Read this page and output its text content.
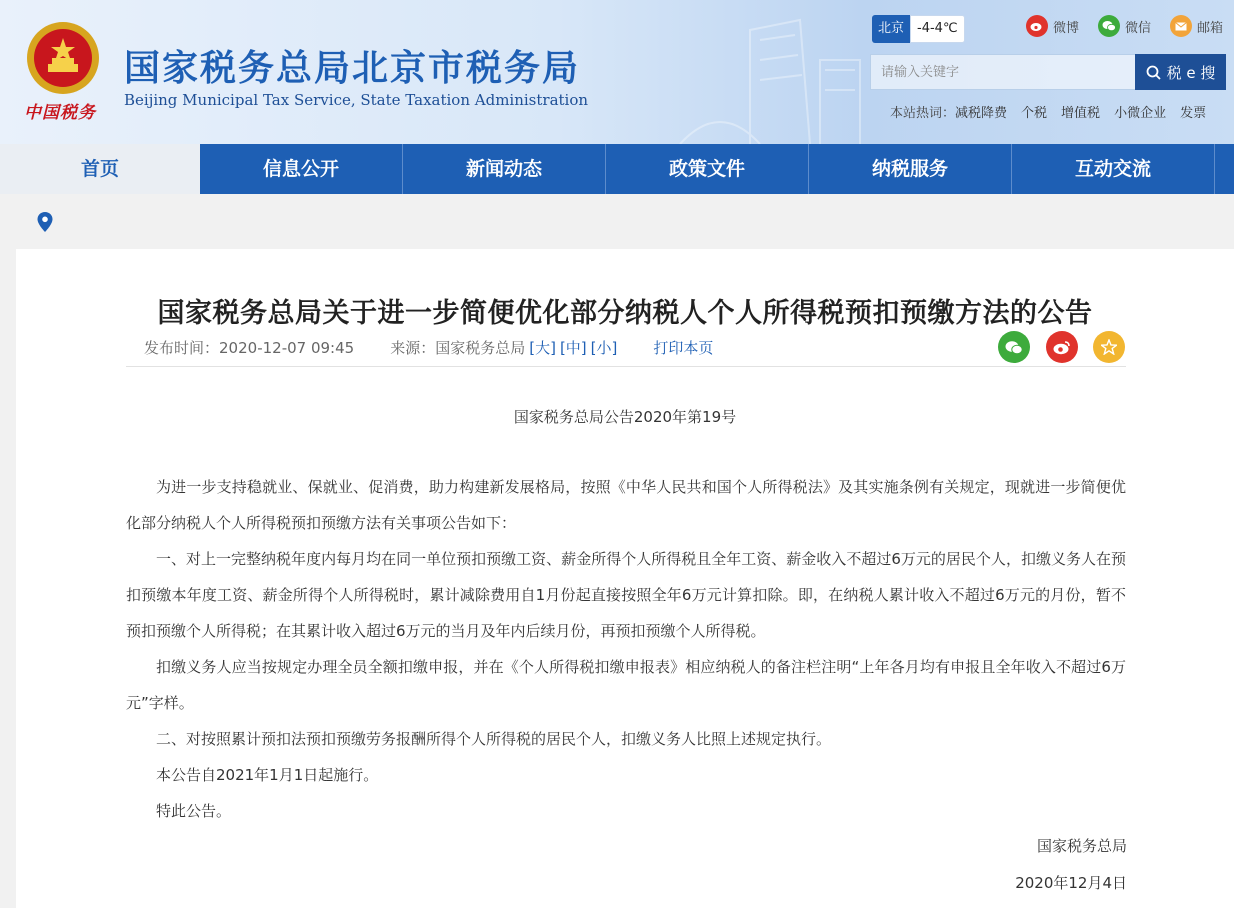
中国税务
国家税务总局北京市税务局
Beijing Municipal Tax Service, State Taxation Administration
北京	-4-4℃	微博	微信	邮箱
请输入关键字
税 e 搜
本站热词： 减税降费 个税 增值税 小微企业 发票
首页	信息公开	新闻动态	政策文件	纳税服务	互动交流
国家税务总局关于进一步简便优化部分纳税人个人所得税预扣预缴方法的公告
发布时间： 2020-12-07 09:45 来源： 国家税务总局 [大] [中] [小] 打印本页
国家税务总局公告2020年第19号

为进一步支持稳就业、保就业、促消费，助力构建新发展格局，按照《中华人民共和国个人所得税法》及其实施条例有关规定，现就进一步简便优化部分纳税人个人所得税预扣预缴方法有关事项公告如下：

一、对上一完整纳税年度内每月均在同一单位预扣预缴工资、薪金所得个人所得税且全年工资、薪金收入不超过6万元的居民个人，扣缴义务人在预扣预缴本年度工资、薪金所得个人所得税时，累计减除费用自1月份起直接按照全年6万元计算扣除。即，在纳税人累计收入不超过6万元的月份，暂不预扣预缴个人所得税；在其累计收入超过6万元的当月及年内后续月份，再预扣预缴个人所得税。

扣缴义务人应当按规定办理全员全额扣缴申报，并在《个人所得税扣缴申报表》相应纳税人的备注栏注明“上年各月均有申报且全年收入不超过6万元”字样。

二、对按照累计预扣法预扣预缴劳务报酬所得个人所得税的居民个人，扣缴义务人比照上述规定执行。

本公告自2021年1月1日起施行。

特此公告。

国家税务总局
2020年12月4日
